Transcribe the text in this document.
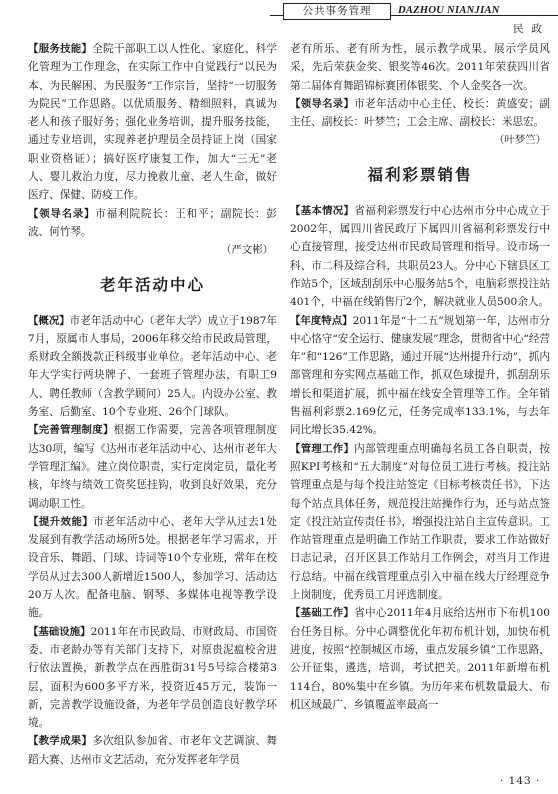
公共事务管理	DAZHOU NIANJIAN
民政

【服务技能】全院干部职工以人性化、家庭化、科学化管理为工作理念，在实际工作中自觉践行“以民为本、为民解困、为民服务”工作宗旨，坚持“一切服务为院民”工作思路。以优质服务、精细照料，真诚为老人和孩子服好务；强化业务培训，提升服务技能，通过专业培训，实现养老护理员全员持证上岗（国家职业资格证）；搞好医疗康复工作，加大“三无”老人、婴儿救治力度，尽力挽救儿童、老人生命，做好医疗、保健、防疫工作。

【领导名录】市福利院院长：王和平；副院长：彭波、何竹琴。

（严文彬）

老年活动中心

【概况】市老年活动中心（老年大学）成立于1987年7月，原属市人事局，2006年移交给市民政局管理，系财政全额拨款正科级事业单位。老年活动中心、老年大学实行两块牌子、一套班子管理办法，有职工9人、聘任教师（含教学顾问）25人。内设办公室、教务室、后勤室、10个专业班、26个门球队。

【完善管理制度】根据工作需要，完善各项管理制度达30项，编写《达州市老年活动中心、达州市老年大学管理汇编》。建立岗位职责，实行定岗定员，量化考核，年终与绩效工资奖惩挂钩，收到良好效果，充分调动职工性。

【提升效能】市老年活动中心、老年大学从过去1处发展到有教学活动场所5处。根据老年学习需求，开设音乐、舞蹈、门球、诗词等10个专业班，常年在校学员从过去300人新增近1500人，参加学习、活动达20万人次。配备电脑、钢琴、多媒体电视等教学设施。

【基础设施】2011年在市民政局、市财政局、市国资委、市老龄办等有关部门支持下，对原贵泥瘟校舍进行依法置换，新教学点在西胜街31号5号综合楼第3层，面积为600多平方米，投资近45万元，装饰一新，完善教学设施设备，为老年学员创造良好教学环境。

【教学成果】多次组队参加省、市老年文艺调演、舞蹈大赛、达州市文艺活动，充分发挥老年学员

老有所乐、老有所为性，展示教学成果、展示学员风采，先后荣获金奖、银奖等46次。2011年荣获四川省第二届体育舞蹈锦标赛团体银奖、个人金奖各一次。

【领导名录】市老年活动中心主任、校长：黄盛安；副主任、副校长：叶梦竺；工会主席、副校长：米思宏。

（叶梦竺）

福利彩票销售

【基本情况】省福利彩票发行中心达州市分中心成立于2002年，属四川省民政厅下属四川省福利彩票发行中心直接管理，接受达州市民政局管理和指导。设市场一科、市二科及综合科，共职员23人。分中心下辖县区工作站5个，区域刮刮乐中心服务站5个，电脑彩票投注站401个，中福在线销售厅2个，解决就业人员500余人。

【年度特点】2011年是“十二五”规划第一年，达州市分中心恪守“安全运行、健康发展”理念，贯彻省中心“经营年”和“126”工作思路，通过开展“达州提升行动”，抓内部管理和夯实网点基础工作，抓双色球提升，抓刮刮乐增长和渠道扩展，抓中福在线安全管理等工作。全年销售福利彩票2.169亿元，任务完成率133.1%，与去年同比增长35.42%。

【管理工作】内部管理重点明确每名员工各自职责，按照KPI考核和“五大制度”对每位员工进行考核。投注站管理重点是与每个投注站签定《目标考核责任书》，下达每个站点具体任务，规范投注站操作行为，还与站点签定《投注站宣传责任书》，增强投注站自主宣传意识。工作站管理重点是明确工作站工作职责，要求工作站做好日志记录，召开区县工作站月工作例会，对当月工作进行总结。中福在线管理重点引入中福在线大厅经理竞争上岗制度，优秀员工月评选制度。

【基础工作】省中心2011年4月底给达州市下布机100台任务目标。分中心调整优化年初布机计划，加快布机进度，按照“控制城区市场，重点发展乡镇”工作思路，公开征集，遴选，培训，考试把关。2011年新增布机114台，80%集中在乡镇。为历年来布机数量最大、布机区域最广、乡镇覆盖率最高一

· 143 ·
